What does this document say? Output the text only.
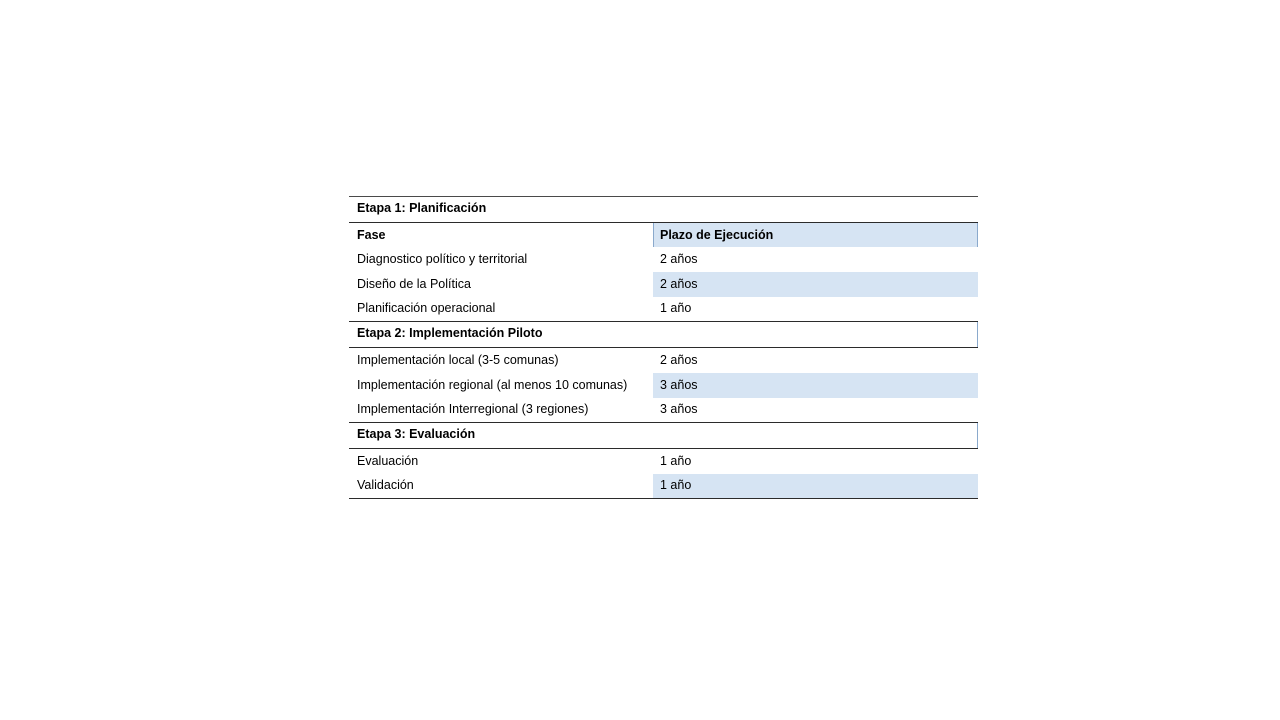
Etapa 1: Planificación
Fase	Plazo de Ejecución
Diagnostico político y territorial	2 años
Diseño de la Política	2 años
Planificación operacional	1 año
Etapa 2: Implementación Piloto
Implementación local (3-5 comunas)	2 años
Implementación regional (al menos 10 comunas)	3 años
Implementación Interregional (3 regiones)	3 años
Etapa 3: Evaluación
Evaluación	1 año
Validación	1 año
